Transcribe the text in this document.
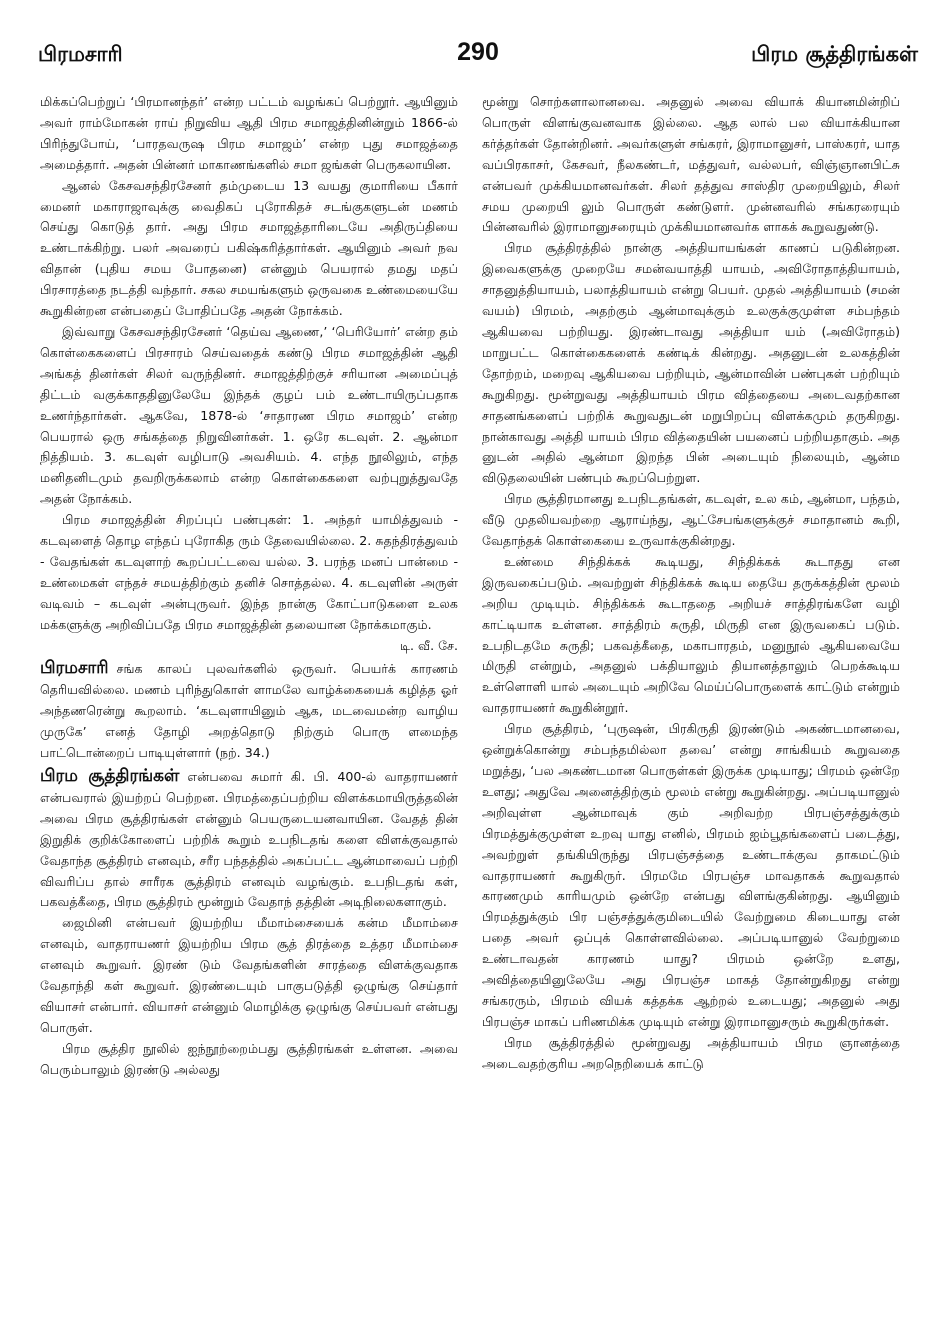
பிரமசாரி	290	பிரம சூத்திரங்கள்

மிக்கப்பெற்றுப் ‘பிரமானந்தர்’ என்ற பட்டம் வழங்கப் பெற்றூர். ஆயினும் அவர் ராம்மோகன் ராய் நிறுவிய ஆதி பிரம சமாஜத்தினின்றும் 1866-ல் பிரிந்துபோய், ‘பாரதவருஷ பிரம சமாஜம்’ என்ற புது சமாஜத்தை அமைத்தார். அதன் பின்னர் மாகாணங்களில் சமா ஜங்கள் பெருகலாயின.

ஆனல் கேசவசந்திரசேனர் தம்முடைய 13 வயது குமாரியை பீகார் மைனர் மகாராஜாவுக்கு வைதிகப் புரோகிதச் சடங்குகளுடன் மணம் செய்து கொடுத் தார். அது பிரம சமாஜத்தாரிடையே அதிருப்தியை உண்டாக்கிற்று. பலர் அவரைப் பகிஷ்கரித்தார்கள். ஆயினும் அவர் நவ விதான் (புதிய சமய போதனை) என்னும் பெயரால் தமது மதப் பிரசாரத்தை நடத்தி வந்தார். சகல சமயங்களும் ஒருவகை உண்மையையே கூறுகின்றன என்பதைப் போதிப்பதே அதன் நோக்கம்.

இவ்வாறு கேசவசந்திரசேனர் ‘தெய்வ ஆணை,’ ‘பெரியோர்’ என்ற தம் கொள்கைகளைப் பிரசாரம் செய்வதைக் கண்டு பிரம சமாஜத்தின் ஆதி அங்கத் தினர்கள் சிலர் வருந்தினர். சமாஜத்திற்குச் சரியான அமைப்புத் திட்டம் வகுக்காததினுலேயே இந்தக் குழப் பம் உண்டாயிருப்பதாக உணர்ந்தார்கள். ஆகவே, 1878-ல் ‘சாதாரண பிரம சமாஜம்’ என்ற பெயரால் ஒரு சங்கத்தை நிறுவினர்கள். 1. ஒரே கடவுள். 2. ஆன்மா நித்தியம். 3. கடவுள் வழிபாடு அவசியம். 4. எந்த நூலிலும், எந்த மனிதனிடமும் தவறிருக்கலாம் என்ற கொள்கைகளை வற்புறுத்துவதே அதன் நோக்கம்.

பிரம சமாஜத்தின் சிறப்புப் பண்புகள்: 1. அந்தர் யாமித்துவம் - கடவுளைத் தொழ எந்தப் புரோகித ரும் தேவையில்லை. 2. சுதந்திரத்துவம் - வேதங்கள் கடவுளாற் கூறப்பட்டவை யல்ல. 3. பரந்த மனப் பான்மை - உண்மைகள் எந்தச் சமயத்திற்கும் தனிச் சொத்தல்ல. 4. கடவுளின் அருள் வடிவம் – கடவுள் அன்புருவர். இந்த நான்கு கோட்பாடுகளை உலக மக்களுக்கு அறிவிப்பதே பிரம சமாஜத்தின் தலையான நோக்கமாகும்.

டி. வீ. சே.

பிரமசாரி சங்க காலப் புலவர்களில் ஒருவர். பெயர்க் காரணம் தெரியவில்லை. மணம் புரிந்துகொள் ளாமலே வாழ்க்கையைக் கழித்த ஓர் அந்தணரென்று கூறலாம். ‘கடவுளாயினும் ஆக, மடவைமன்ற வாழிய முருகே’ எனத் தோழி அறத்தொடு நிற்கும் பொரு ளமைந்த பாட்டொன்றைப் பாடியுள்ளார் (நற். 34.)

பிரம சூத்திரங்கள் என்பவை சுமார் கி. பி. 400-ல் வாதராயணர் என்பவரால் இயற்றப் பெற்றன. பிரமத்தைப்பற்றிய விளக்கமாயிருத்தலின் அவை பிரம சூத்திரங்கள் என்னும் பெயருடையனவாயின. வேதத் தின் இறுதிக் குறிக்கோளைப் பற்றிக் கூறும் உபநிடதங் களை விளக்குவதால் வேதாந்த சூத்திரம் எனவும், சரீர பந்தத்தில் அகப்பட்ட ஆன்மாவைப் பற்றி விவரிப்ப தால் சாரீரக சூத்திரம் எனவும் வழங்கும். உபநிடதங் கள், பகவத்கீதை, பிரம சூத்திரம் மூன்றும் வேதாந் தத்தின் அடிநிலைகளாகும்.

ஜைமினி என்பவர் இயற்றிய மீமாம்சையைக் கன்ம மீமாம்சை எனவும், வாதராயணர் இயற்றிய பிரம சூத் திரத்தை உத்தர மீமாம்சை எனவும் கூறுவர். இரண் டும் வேதங்களின் சாரத்தை விளக்குவதாக வேதாந்தி கள் கூறுவர். இரண்டையும் பாகுபடுத்தி ஒழுங்கு செய்தார் வியாசர் என்பார். வியாசர் என்னும் மொழிக்கு ஒழுங்கு செய்பவர் என்பது பொருள்.

பிரம சூத்திர நூலில் ஐந்நூற்றைம்பது சூத்திரங்கள் உள்ளன. அவை பெரும்பாலும் இரண்டு அல்லது

மூன்று சொற்களாலானவை. அதனுல் அவை வியாக் கியானமின்றிப் பொருள் விளங்குவனவாக இல்லை. ஆத லால் பல வியாக்கியான கர்த்தர்கள் தோன்றினர். அவர்களுள் சங்கரர், இராமானுசர், பாஸ்கரர், யாத வப்பிரகாசர், கேசவர், நீலகண்டர், மத்துவர், வல்லபர், விஞ்ஞானபிட்சு என்பவர் முக்கியமானவர்கள். சிலர் தத்துவ சாஸ்திர முறையிலும், சிலர் சமய முறையி லும் பொருள் கண்டுளர். முன்னவரில் சங்கரரையும் பின்னவரில் இராமானுசரையும் முக்கியமானவர்க ளாகக் கூறுவதுண்டு.

பிரம சூத்திரத்தில் நான்கு அத்தியாயங்கள் காணப் படுகின்றன. இவைகளுக்கு முறையே சமன்வயாத்தி யாயம், அவிரோதாத்தியாயம், சாதனுத்தியாயம், பலாத்தியாயம் என்று பெயர். முதல் அத்தியாயம் (சமன் வயம்) பிரமம், அதற்கும் ஆன்மாவுக்கும் உலகுக்குமுள்ள சம்பந்தம் ஆகியவை பற்றியது. இரண்டாவது அத்தியா யம் (அவிரோதம்) மாறுபட்ட கொள்கைகளைக் கண்டிக் கின்றது. அதனுடன் உலகத்தின் தோற்றம், மறைவு ஆகியவை பற்றியும், ஆன்மாவின் பண்புகள் பற்றியும் கூறுகிறது. மூன்றுவது அத்தியாயம் பிரம வித்தையை அடைவதற்கான சாதனங்களைப் பற்றிக் கூறுவதுடன் மறுபிறப்பு விளக்கமும் தருகிறது. நான்காவது அத்தி யாயம் பிரம வித்தையின் பயனைப் பற்றியதாகும். அத னுடன் அதில் ஆன்மா இறந்த பின் அடையும் நிலையும், ஆன்ம விடுதலையின் பண்பும் கூறப்பெற்றுள.

பிரம சூத்திரமானது உபநிடதங்கள், கடவுள், உல கம், ஆன்மா, பந்தம், வீடு முதலியவற்றை ஆராய்ந்து, ஆட்சேபங்களுக்குச் சமாதானம் கூறி, வேதாந்தக் கொள்கையை உருவாக்குகின்றது.

உண்மை சிந்திக்கக் கூடியது, சிந்திக்கக் கூடாதது என இருவகைப்படும். அவற்றுள் சிந்திக்கக் கூடிய தையே தருக்கத்தின் மூலம் அறிய முடியும். சிந்திக்கக் கூடாததை அறியச் சாத்திரங்களே வழி காட்டியாக உள்ளன. சாத்திரம் சுருதி, மிருதி என இருவகைப் படும். உபநிடதமே சுருதி; பகவத்கீதை, மகாபாரதம், மனுநூல் ஆகியவையே மிருதி என்றும், அதனுல் பக்தியாலும் தியானத்தாலும் பெறக்கூடிய உள்ளொளி யால் அடையும் அறிவே மெய்ப்பொருளைக் காட்டும் என்றும் வாதராயணர் கூறுகின்றூர்.

பிரம சூத்திரம், ‘புருஷன், பிரகிருதி இரண்டும் அகண்டமானவை, ஒன்றுக்கொன்று சம்பந்தமில்லா தவை’ என்று சாங்கியம் கூறுவதை மறுத்து, ‘பல அகண்டமான பொருள்கள் இருக்க முடியாது; பிரமம் ஒன்றே உளது; அதுவே அனைத்திற்கும் மூலம் என்று கூறுகின்றது. அப்படியானுல் அறிவுள்ள ஆன்மாவுக் கும் அறிவற்ற பிரபஞ்சத்துக்கும் பிரமத்துக்குமுள்ள உறவு யாது எனில், பிரமம் ஐம்பூதங்களைப் படைத்து, அவற்றுள் தங்கியிருந்து பிரபஞ்சத்தை உண்டாக்குவ தாகமட்டும் வாதராயணர் கூறுகிருர். பிரமமே பிரபஞ்ச மாவதாகக் கூறுவதால் காரணமும் காரியமும் ஒன்றே என்பது விளங்குகின்றது. ஆயினும் பிரமத்துக்கும் பிர பஞ்சத்துக்குமிடையில் வேற்றுமை கிடையாது என் பதை அவர் ஒப்புக் கொள்ளவில்லை. அப்படியானுல் வேற்றுமை உண்டாவதன் காரணம் யாது? பிரமம் ஒன்றே உளது, அவித்தையினுலேயே அது பிரபஞ்ச மாகத் தோன்றுகிறது என்று சங்கரரும், பிரமம் வியக் கத்தக்க ஆற்றல் உடையது; அதனுல் அது பிரபஞ்ச மாகப் பரிணமிக்க முடியும் என்று இராமானுசரும் கூறுகிருர்கள்.

பிரம சூத்திரத்தில் மூன்றுவது அத்தியாயம் பிரம ஞானத்தை அடைவதற்குரிய அறநெறியைக் காட்டு
